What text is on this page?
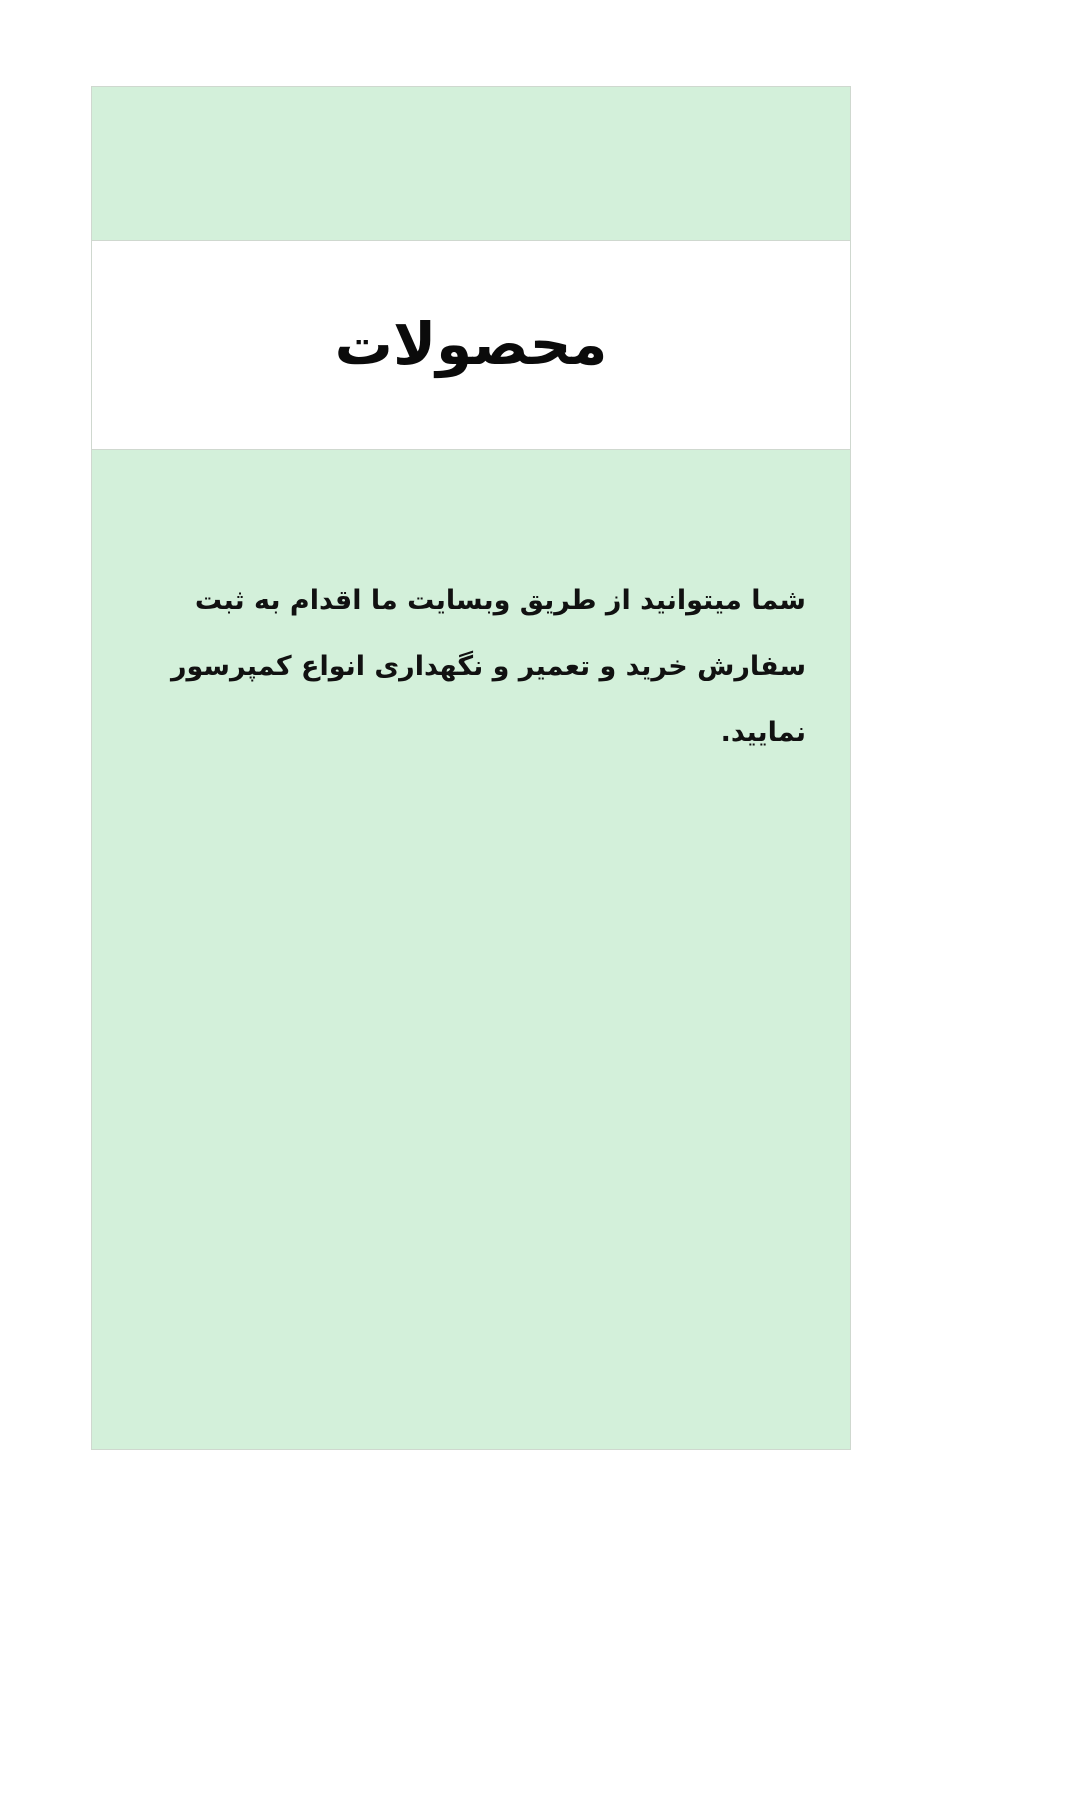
محصولات

شما میتوانید از طریق وبسایت ما اقدام به ثبت سفارش خرید و تعمیر و نگهداری انواع کمپرسور نمایید.
